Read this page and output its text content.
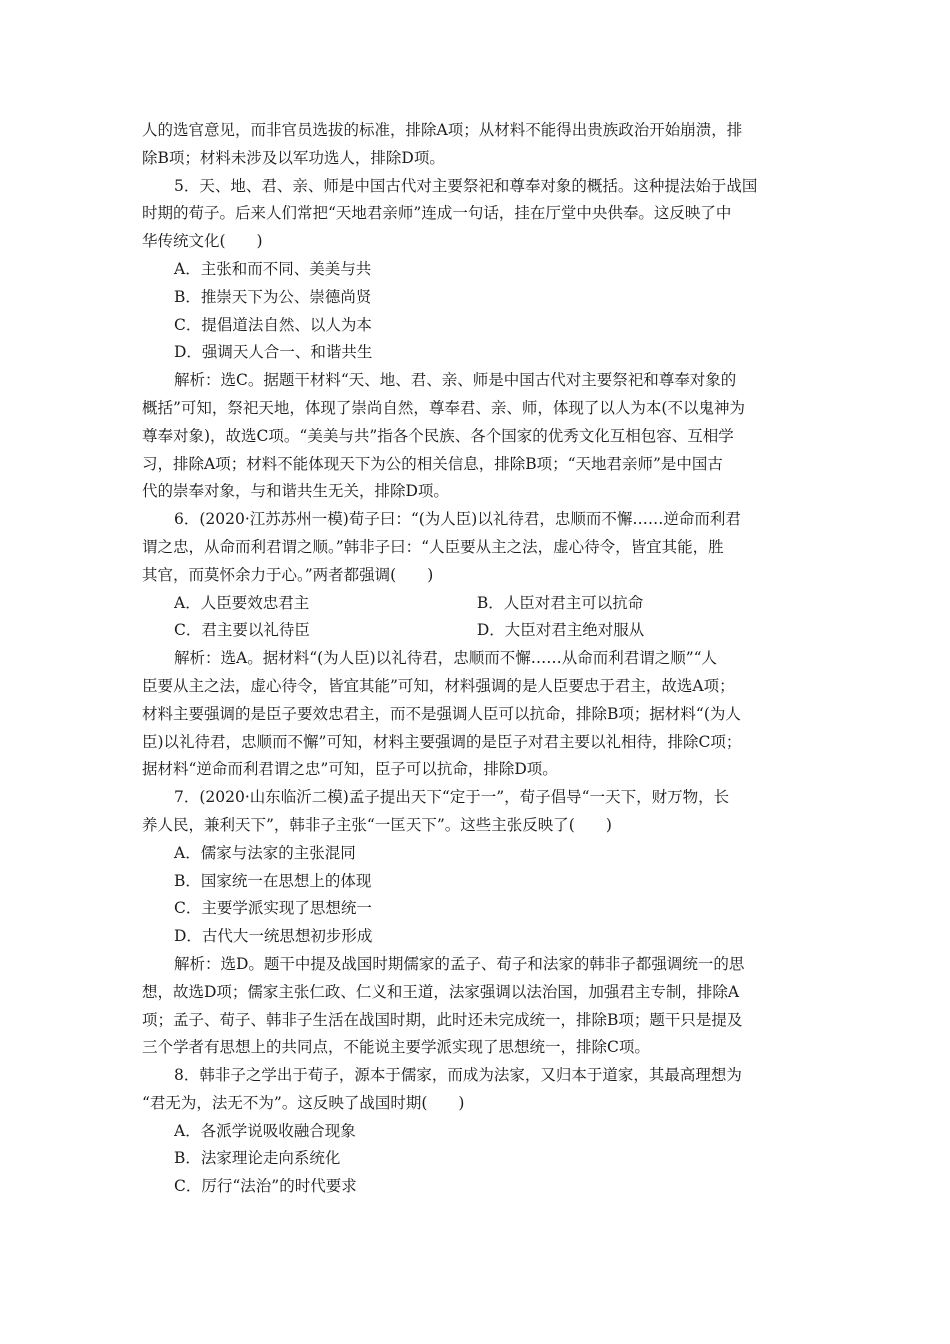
人的选官意见，而非官员选拔的标准，排除A项；从材料不能得出贵族政治开始崩溃，排
除B项；材料未涉及以军功选人，排除D项。
5．天、地、君、亲、师是中国古代对主要祭祀和尊奉对象的概括。这种提法始于战国
时期的荀子。后来人们常把“天地君亲师”连成一句话，挂在厅堂中央供奉。这反映了中
华传统文化(　　)
A．主张和而不同、美美与共
B．推崇天下为公、崇德尚贤
C．提倡道法自然、以人为本
D．强调天人合一、和谐共生
解析：选C。据题干材料“天、地、君、亲、师是中国古代对主要祭祀和尊奉对象的
概括”可知，祭祀天地，体现了崇尚自然，尊奉君、亲、师，体现了以人为本(不以鬼神为
尊奉对象)，故选C项。“美美与共”指各个民族、各个国家的优秀文化互相包容、互相学
习，排除A项；材料不能体现天下为公的相关信息，排除B项；“天地君亲师”是中国古
代的崇奉对象，与和谐共生无关，排除D项。
6．(2020·江苏苏州一模)荀子曰：“(为人臣)以礼待君，忠顺而不懈……逆命而利君
谓之忠，从命而利君谓之顺。”韩非子曰：“人臣要从主之法，虚心待令，皆宜其能，胜
其官，而莫怀余力于心。”两者都强调(　　)
A．人臣要效忠君主	B．人臣对君主可以抗命
C．君主要以礼待臣	D．大臣对君主绝对服从
解析：选A。据材料“(为人臣)以礼待君，忠顺而不懈……从命而利君谓之顺”“人
臣要从主之法，虚心待令，皆宜其能”可知，材料强调的是人臣要忠于君主，故选A项；
材料主要强调的是臣子要效忠君主，而不是强调人臣可以抗命，排除B项；据材料“(为人
臣)以礼待君，忠顺而不懈”可知，材料主要强调的是臣子对君主要以礼相待，排除C项；
据材料“逆命而利君谓之忠”可知，臣子可以抗命，排除D项。
7．(2020·山东临沂二模)孟子提出天下“定于一”，荀子倡导“一天下，财万物，长
养人民，兼利天下”，韩非子主张“一匡天下”。这些主张反映了(　　)
A．儒家与法家的主张混同
B．国家统一在思想上的体现
C．主要学派实现了思想统一
D．古代大一统思想初步形成
解析：选D。题干中提及战国时期儒家的孟子、荀子和法家的韩非子都强调统一的思
想，故选D项；儒家主张仁政、仁义和王道，法家强调以法治国，加强君主专制，排除A
项；孟子、荀子、韩非子生活在战国时期，此时还未完成统一，排除B项；题干只是提及
三个学者有思想上的共同点，不能说主要学派实现了思想统一，排除C项。
8．韩非子之学出于荀子，源本于儒家，而成为法家，又归本于道家，其最高理想为
“君无为，法无不为”。这反映了战国时期(　　)
A．各派学说吸收融合现象
B．法家理论走向系统化
C．厉行“法治”的时代要求
